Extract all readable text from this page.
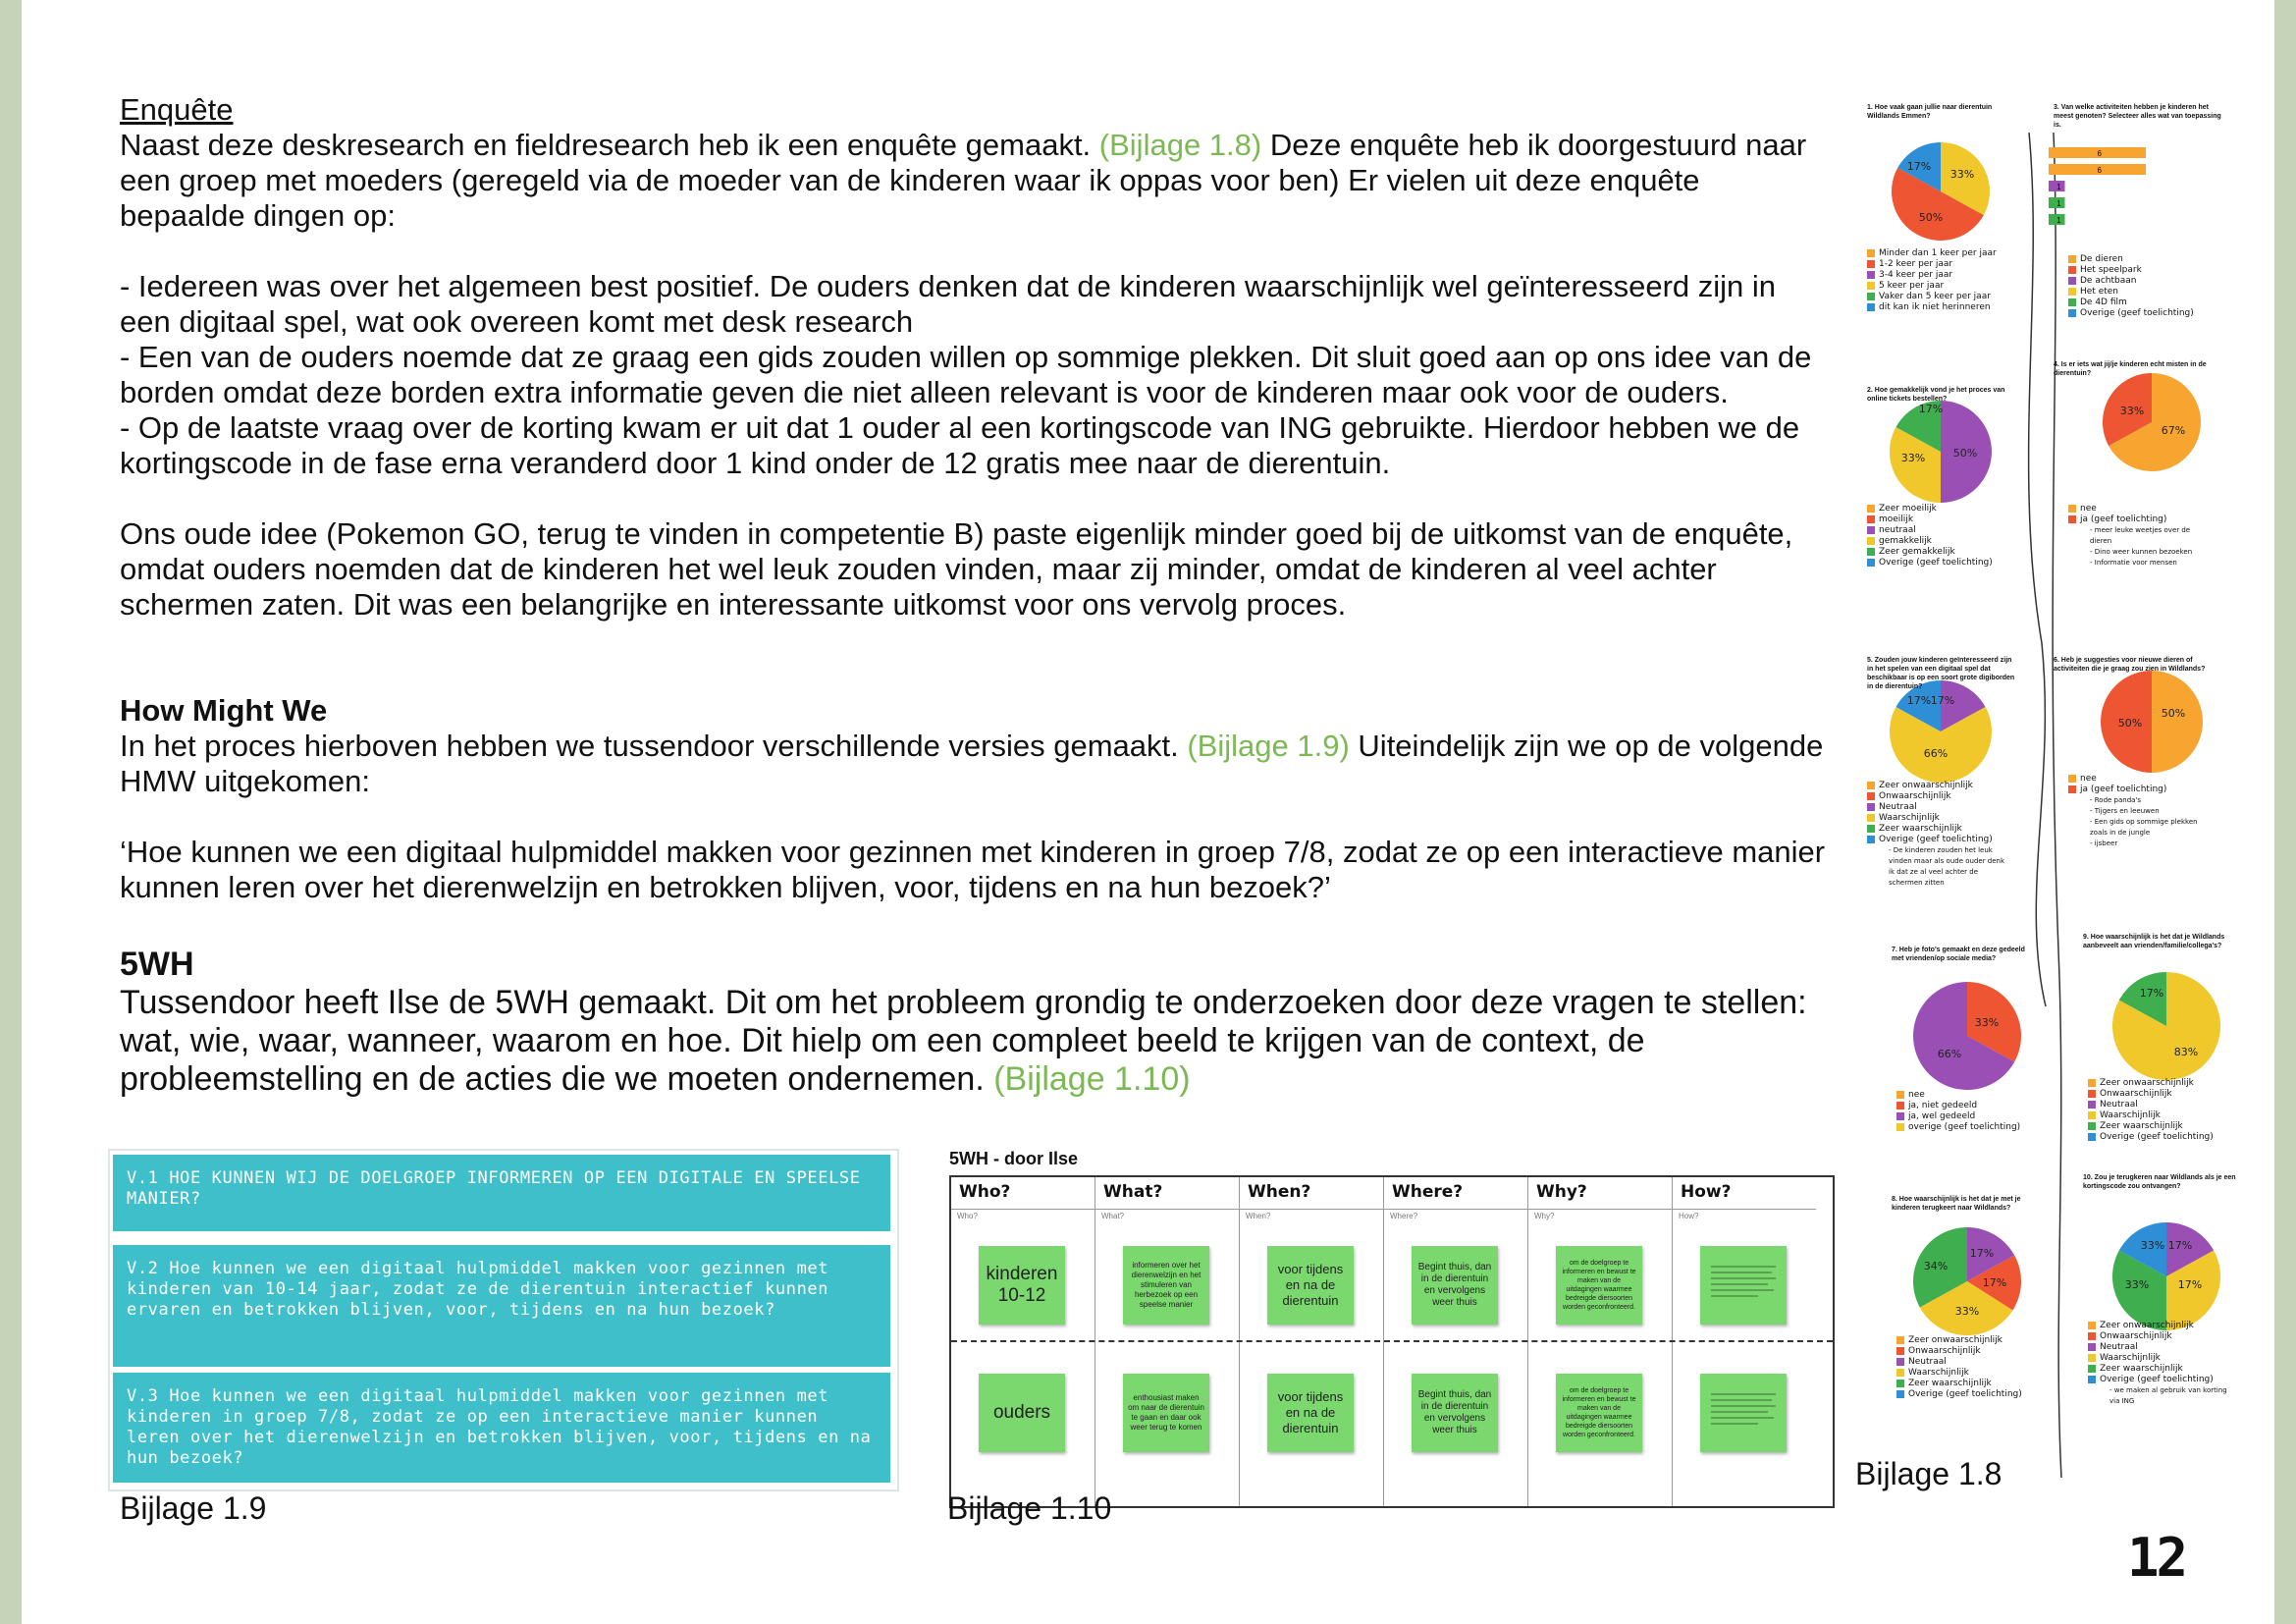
Enquête

Naast deze deskresearch en fieldresearch heb ik een enquête gemaakt. (Bijlage 1.8) Deze enquête heb ik doorgestuurd naar een groep met moeders (geregeld via de moeder van de kinderen waar ik oppas voor ben) Er vielen uit deze enquête bepaalde dingen op:

- Iedereen was over het algemeen best positief. De ouders denken dat de kinderen waarschijnlijk wel geïnteresseerd zijn in een digitaal spel, wat ook overeen komt met desk research

- Een van de ouders noemde dat ze graag een gids zouden willen op sommige plekken. Dit sluit goed aan op ons idee van de borden omdat deze borden extra informatie geven die niet alleen relevant is voor de kinderen maar ook voor de ouders.

- Op de laatste vraag over de korting kwam er uit dat 1 ouder al een kortingscode van ING gebruikte. Hierdoor hebben we de kortingscode in de fase erna veranderd door 1 kind onder de 12 gratis mee naar de dierentuin.

Ons oude idee (Pokemon GO, terug te vinden in competentie B) paste eigenlijk minder goed bij de uitkomst van de enquête, omdat ouders noemden dat de kinderen het wel leuk zouden vinden, maar zij minder, omdat de kinderen al veel achter schermen zaten. Dit was een belangrijke en interessante uitkomst voor ons vervolg proces.

How Might We

In het proces hierboven hebben we tussendoor verschillende versies gemaakt. (Bijlage 1.9) Uiteindelijk zijn we op de volgende HMW uitgekomen:

‘Hoe kunnen we een digitaal hulpmiddel makken voor gezinnen met kinderen in groep 7/8, zodat ze op een interactieve manier kunnen leren over het dierenwelzijn en betrokken blijven, voor, tijdens en na hun bezoek?’

5WH

Tussendoor heeft Ilse de 5WH gemaakt. Dit om het probleem grondig te onderzoeken door deze vragen te stellen: wat, wie, waar, wanneer, waarom en hoe. Dit hielp om een compleet beeld te krijgen van de context, de probleemstelling en de acties die we moeten ondernemen. (Bijlage 1.10)

V.1 HOE KUNNEN WIJ DE DOELGROEP INFORMEREN OP EEN DIGITALE EN SPEELSE MANIER?
V.2 Hoe kunnen we een digitaal hulpmiddel makken voor gezinnen met kinderen van 10-14 jaar, zodat ze de dierentuin interactief kunnen ervaren en betrokken blijven, voor, tijdens en na hun bezoek?
V.3 Hoe kunnen we een digitaal hulpmiddel makken voor gezinnen met kinderen in groep 7/8, zodat ze op een interactieve manier kunnen leren over het dierenwelzijn en betrokken blijven, voor, tijdens en na hun bezoek?
Bijlage 1.9
5WH - door Ilse
Who?
Who?
kinderen 10-12
ouders
What?
What?
informeren over het dierenwelzijn en het stimuleren van herbezoek op een speelse manier
enthousiast maken om naar de dierentuin te gaan en daar ook weer terug te komen
When?
When?
voor tijdens en na de dierentuin
voor tijdens en na de dierentuin
Where?
Where?
Begint thuis, dan in de dierentuin en vervolgens weer thuis
Begint thuis, dan in de dierentuin en vervolgens weer thuis
Why?
Why?
om de doelgroep te informeren en bewust te maken van de uitdagingen waarmee bedreigde diersoorten worden geconfronteerd.
om de doelgroep te informeren en bewust te maken van de uitdagingen waarmee bedreigde diersoorten worden geconfronteerd.
How?
How?
Bijlage 1.10
17%
33%
50%
17%
50%
33%
33%
67%
17% 17%
66%
50%
50%
33%
66%
17%
83%
17%
34%
17%
33%
17%
17%
33%
33%
6
6
1
1
1
1. Hoe vaak gaan jullie naar dierentuin Wildlands Emmen?
3. Van welke activiteiten hebben je kinderen het meest genoten? Selecteer alles wat van toepassing is.
2. Hoe gemakkelijk vond je het proces van online tickets bestellen?
4. Is er iets wat jij/je kinderen echt misten in de dierentuin?
5. Zouden jouw kinderen geïnteresseerd zijn in het spelen van een digitaal spel dat beschikbaar is op een soort grote digiborden in de dierentuin?
6. Heb je suggesties voor nieuwe dieren of activiteiten die je graag zou zien in Wildlands?
7. Heb je foto's gemaakt en deze gedeeld met vrienden/op sociale media?
9. Hoe waarschijnlijk is het dat je Wildlands aanbeveelt aan vrienden/familie/collega's?
8. Hoe waarschijnlijk is het dat je met je kinderen terugkeert naar Wildlands?
10. Zou je terugkeren naar Wildlands als je een kortingscode zou ontvangen?
Minder dan 1 keer per jaar
1-2 keer per jaar
3-4 keer per jaar
5 keer per jaar
Vaker dan 5 keer per jaar
dit kan ik niet herinneren
De dieren
Het speelpark
De achtbaan
Het eten
De 4D film
Overige (geef toelichting)
Zeer moeilijk
moeilijk
neutraal
gemakkelijk
Zeer gemakkelijk
Overige (geef toelichting)
nee
ja (geef toelichting)
- meer leuke weetjes over de dieren
- Dino weer kunnen bezoeken
- Informatie voor mensen
Zeer onwaarschijnlijk
Onwaarschijnlijk
Neutraal
Waarschijnlijk
Zeer waarschijnlijk
Overige (geef toelichting)
- De kinderen zouden het leuk vinden maar als oude ouder denk ik dat ze al veel achter de schermen zitten
nee
ja (geef toelichting)
- Rode panda's
- Tijgers en leeuwen
- Een gids op sommige plekken zoals in de jungle
- ijsbeer
nee
ja, niet gedeeld
ja, wel gedeeld
overige (geef toelichting)
Zeer onwaarschijnlijk
Onwaarschijnlijk
Neutraal
Waarschijnlijk
Zeer waarschijnlijk
Overige (geef toelichting)
Zeer onwaarschijnlijk
Onwaarschijnlijk
Neutraal
Waarschijnlijk
Zeer waarschijnlijk
Overige (geef toelichting)
Zeer onwaarschijnlijk
Onwaarschijnlijk
Neutraal
Waarschijnlijk
Zeer waarschijnlijk
Overige (geef toelichting)
- we maken al gebruik van korting via ING
Bijlage 1.8
12
